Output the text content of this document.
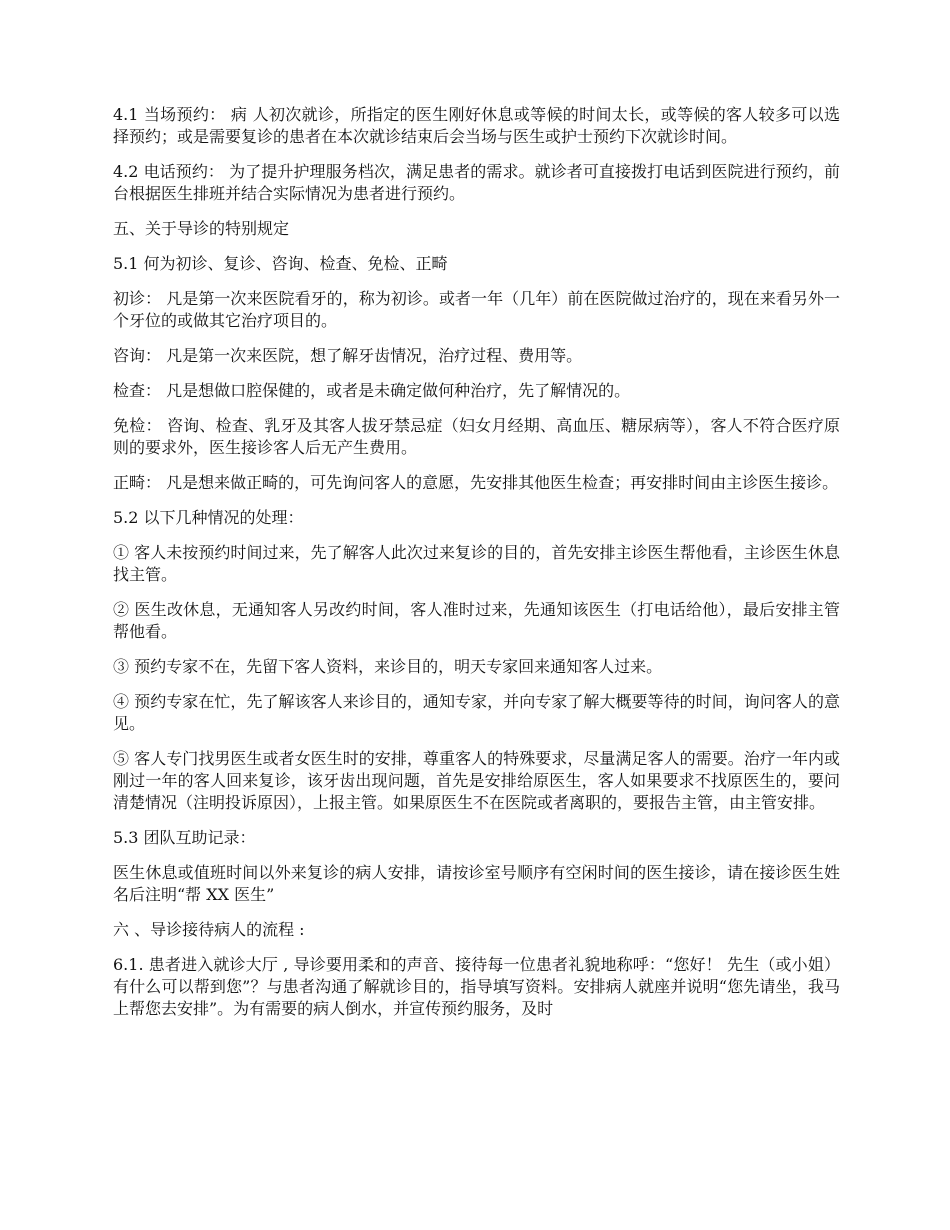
4.1 当场预约： 病 人初次就诊，所指定的医生刚好休息或等候的时间太长，或等候的客人较多可以选择预约；或是需要复诊的患者在本次就诊结束后会当场与医生或护士预约下次就诊时间。

4.2 电话预约： 为了提升护理服务档次，满足患者的需求。就诊者可直接拨打电话到医院进行预约，前台根据医生排班并结合实际情况为患者进行预约。

五、关于导诊的特别规定

5.1 何为初诊、复诊、咨询、检查、免检、正畸

初诊： 凡是第一次来医院看牙的，称为初诊。或者一年（几年）前在医院做过治疗的，现在来看另外一个牙位的或做其它治疗项目的。

咨询： 凡是第一次来医院，想了解牙齿情况，治疗过程、费用等。

检查： 凡是想做口腔保健的，或者是未确定做何种治疗，先了解情况的。

免检： 咨询、检查、乳牙及其客人拔牙禁忌症（妇女月经期、高血压、糖尿病等），客人不符合医疗原则的要求外，医生接诊客人后无产生费用。

正畸： 凡是想来做正畸的，可先询问客人的意愿，先安排其他医生检查；再安排时间由主诊医生接诊。

5.2 以下几种情况的处理：

① 客人未按预约时间过来，先了解客人此次过来复诊的目的，首先安排主诊医生帮他看，主诊医生休息找主管。

② 医生改休息，无通知客人另改约时间，客人准时过来，先通知该医生（打电话给他），最后安排主管帮他看。

③ 预约专家不在，先留下客人资料，来诊目的，明天专家回来通知客人过来。

④ 预约专家在忙，先了解该客人来诊目的，通知专家，并向专家了解大概要等待的时间，询问客人的意见。

⑤ 客人专门找男医生或者女医生时的安排，尊重客人的特殊要求，尽量满足客人的需要。治疗一年内或刚过一年的客人回来复诊，该牙齿出现问题，首先是安排给原医生，客人如果要求不找原医生的，要问清楚情况（注明投诉原因），上报主管。如果原医生不在医院或者离职的，要报告主管，由主管安排。

5.3 团队互助记录：

医生休息或值班时间以外来复诊的病人安排，请按诊室号顺序有空闲时间的医生接诊，请在接诊医生姓名后注明“帮 XX 医生”

六 、导诊接待病人的流程 :

6.1. 患者进入就诊大厅 , 导诊要用柔和的声音、接待每一位患者礼貌地称呼：“您好！ 先生（或小姐）有什么可以帮到您”？与患者沟通了解就诊目的，指导填写资料。安排病人就座并说明“您先请坐，我马上帮您去安排”。为有需要的病人倒水，并宣传预约服务，及时
